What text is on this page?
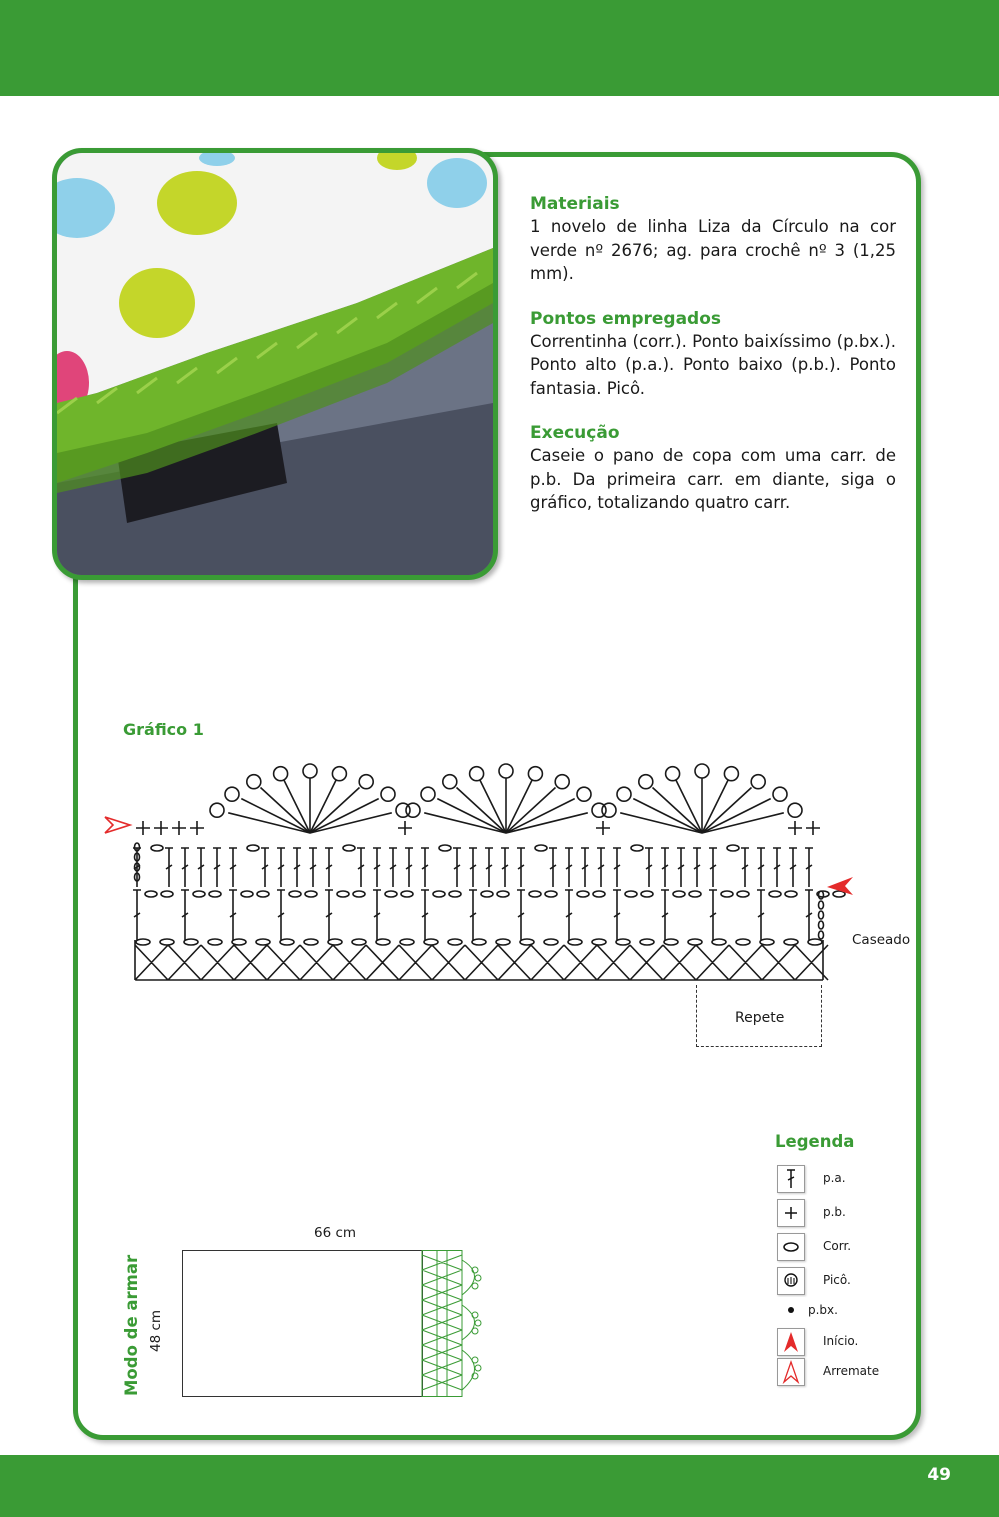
Materiais

1 novelo de linha Liza da Círculo na cor verde nº 2676; ag. para crochê nº 3 (1,25 mm).

Pontos empregados

Correntinha (corr.). Ponto baixíssimo (p.bx.). Ponto alto (p.a.). Ponto baixo (p.b.). Ponto fantasia. Picô.

Execução

Caseie o pano de copa com uma carr. de p.b. Da primeira carr. em diante, siga o gráfico, totalizando quatro carr.

Gráfico 1
Caseado
Repete
Legenda
p.a.
p.b.
Corr.
Picô.
p.bx.
Início.
Arremate
Modo de armar 48 cm
66 cm
49
